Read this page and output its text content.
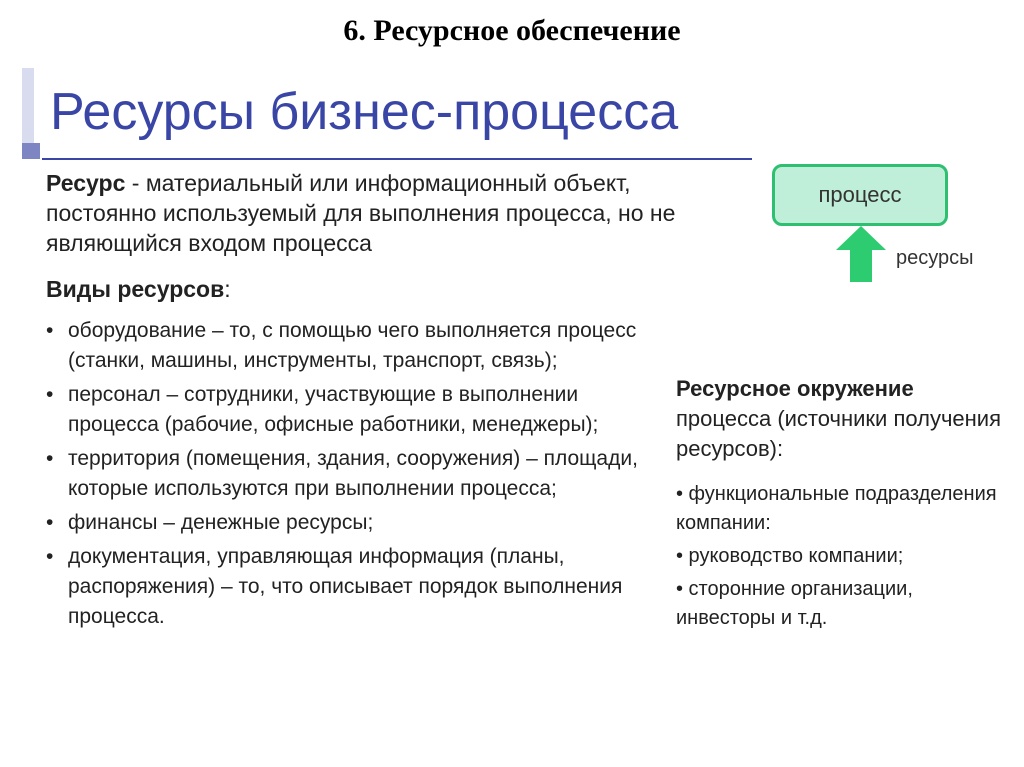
6. Ресурсное обеспечение
Ресурсы бизнес-процесса
Ресурс - материальный или информационный объект, постоянно используемый для выполнения процесса, но не являющийся входом процесса
Виды ресурсов:
• оборудование – то, с помощью чего выполняется процесс (станки, машины, инструменты, транспорт, связь);
• персонал – сотрудники, участвующие в выполнении процесса (рабочие, офисные работники, менеджеры);
• территория (помещения, здания, сооружения) – площади, которые используются при выполнении процесса;
• финансы – денежные ресурсы;
• документация, управляющая информация (планы, распоряжения) – то, что описывает порядок выполнения процесса.
процесс
ресурсы
Ресурсное окружение
процесса (источники получения ресурсов):
• функциональные подразделения компании:
• руководство компании;
• сторонние организации, инвесторы и т.д.
